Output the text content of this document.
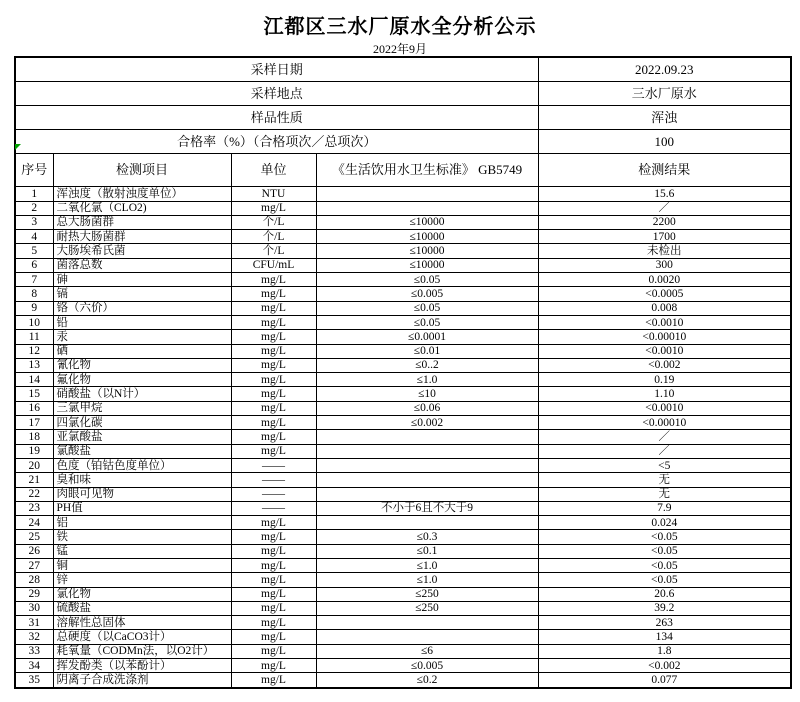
江都区三水厂原水全分析公示
2022年9月
采样日期				2022.09.23
采样地点				三水厂原水
样品性质				浑浊
合格率（%）（合格项次／总项次）				100
序号	检测项目	单位	《生活饮用水卫生标准》 GB5749	检测结果
1	浑浊度（散射浊度单位）	NTU		15.6
2	二氧化氯（CLO2)	mg/L		／
3	总大肠菌群	个/L	≤10000	2200
4	耐热大肠菌群	个/L	≤10000	1700
5	大肠埃希氏菌	个/L	≤10000	未检出
6	菌落总数	CFU/mL	≤10000	300
7	砷	mg/L	≤0.05	0.0020
8	镉	mg/L	≤0.005	<0.0005
9	铬（六价）	mg/L	≤0.05	0.008
10	铅	mg/L	≤0.05	<0.0010
11	汞	mg/L	≤0.0001	<0.00010
12	硒	mg/L	≤0.01	<0.0010
13	氰化物	mg/L	≤0..2	<0.002
14	氟化物	mg/L	≤1.0	0.19
15	硝酸盐（以N计）	mg/L	≤10	1.10
16	三氯甲烷	mg/L	≤0.06	<0.0010
17	四氯化碳	mg/L	≤0.002	<0.00010
18	亚氯酸盐	mg/L		／
19	氯酸盐	mg/L		／
20	色度（铂钴色度单位）	——		<5
21	臭和味	——		无
22	肉眼可见物	——		无
23	PH值	——	不小于6且不大于9	7.9
24	铝	mg/L		0.024
25	铁	mg/L	≤0.3	<0.05
26	锰	mg/L	≤0.1	<0.05
27	铜	mg/L	≤1.0	<0.05
28	锌	mg/L	≤1.0	<0.05
29	氯化物	mg/L	≤250	20.6
30	硫酸盐	mg/L	≤250	39.2
31	溶解性总固体	mg/L		263
32	总硬度（以CaCO3计）	mg/L		134
33	耗氧量（CODMn法，以O2计）	mg/L	≤6	1.8
34	挥发酚类（以苯酚计）	mg/L	≤0.005	<0.002
35	阴离子合成洗涤剂	mg/L	≤0.2	0.077
